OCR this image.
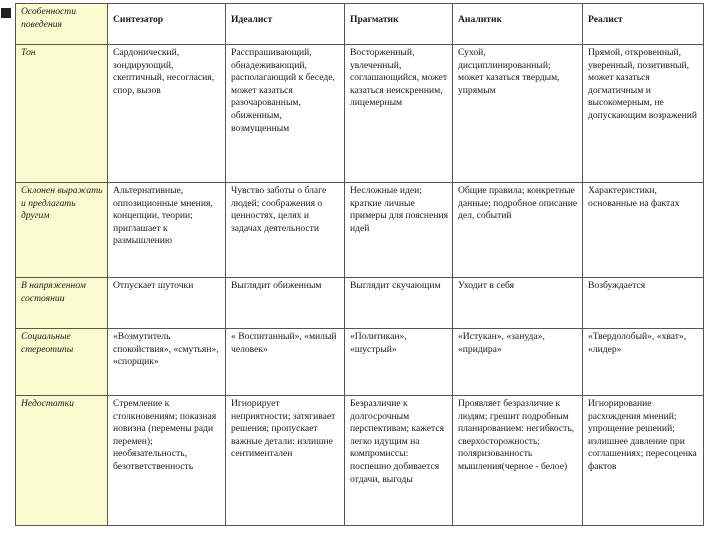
Особенности поведения	Синтезатор	Идеалист	Прагматик	Аналитик	Реалист
Тон	Сардонический, зондирующий, скептичный, несогласия, спор, вызов	Расспрашивающий, обнадеживающий, располагающий к беседе, может казаться разочарованным, обиженным, возмущенным	Восторженный, увлеченный, соглашающийся, может казаться неискренним, лицемерным	Сухой, дисциплинированный; может казаться твердым, упрямым	Прямой, откровенный, уверенный, позитивный, может казаться догматичным и высокомерным, не допускающим возражений
Склонен выражать и предлагать другим	Альтернативные, оппозиционные мнения, концепции, теории; приглашает к размышлению	Чувство заботы о благе людей; соображения о ценностях, целях и задачах деятельности	Несложные идеи; краткие личные примеры для пояснения идей	Общие правила; конкретные данные; подробное описание дел, событий	Характеристики, основанные на фактах
В напряженном состоянии	Отпускает шуточки	Выглядит обиженным	Выглядит скучающим	Уходит в себя	Возбуждается
Социальные стереотипы	«Возмутитель спокойствия», «смутьян», «спорщик»	« Воспитанный», «милый человек»	«Политикан», «шустрый»	«Истукан», «зануда», «придира»	«Твердолобый», «хват», «лидер»
Недостатки	Стремление к столкновениям; показная новизна (перемены ради перемен); необязательность, безответственность	Игнорирует неприятности; затягивает решения; пропускает важные детали: излишне сентиментален	Безразличие к долгосрочным перспективам; кажется легко идущим на компромиссы: поспешно добивается отдачи, выгоды	Проявляет безразличие к людям; грешит подробным планированием: негибкость, сверхосторожность; поляризованность мышления(черное - белое)	Игнорирование расхождения мнений; упрощение решений; излишнее давление при соглашениях; пересоценка фактов
